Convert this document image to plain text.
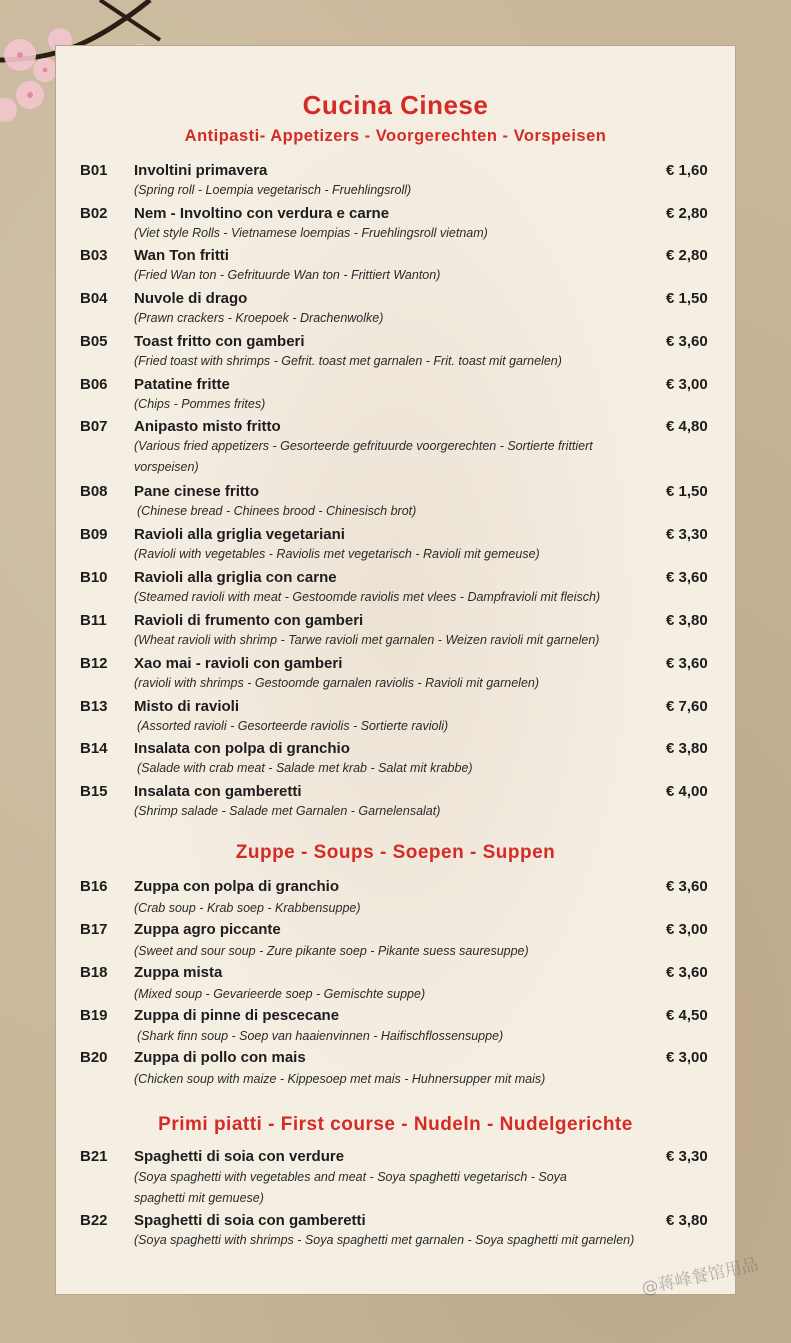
Cucina Cinese
Antipasti- Appetizers - Voorgerechten - Vorspeisen
B01 Involtini primavera
(Spring roll - Loempia vegetarisch - Fruehlingsroll)
€ 1,60
B02 Nem - Involtino con verdura e carne
(Viet style Rolls - Vietnamese loempias - Fruehlingsroll vietnam)
€ 2,80
B03 Wan Ton fritti
(Fried Wan ton - Gefrituurde Wan ton - Frittiert Wanton)
€ 2,80
B04 Nuvole di drago
(Prawn crackers - Kroepoek - Drachenwolke)
€ 1,50
B05 Toast fritto con gamberi
(Fried toast with shrimps - Gefrit. toast met garnalen - Frit. toast mit garnelen)
€ 3,60
B06 Patatine fritte
(Chips - Pommes frites)
€ 3,00
B07 Anipasto misto fritto
(Various fried appetizers - Gesorteerde gefrituurde voorgerechten - Sortierte frittiert vorspeisen)
€ 4,80
B08 Pane cinese fritto
(Chinese bread - Chinees brood - Chinesisch brot)
€ 1,50
B09 Ravioli alla griglia vegetariani
(Ravioli with vegetables - Raviolis met vegetarisch - Ravioli mit gemeuse)
€ 3,30
B10 Ravioli alla griglia con carne
(Steamed ravioli with meat - Gestoomde raviolis met vlees - Dampfravioli mit fleisch)
€ 3,60
B11 Ravioli di frumento con gamberi
(Wheat ravioli with shrimp - Tarwe ravioli met garnalen - Weizen ravioli mit garnelen)
€ 3,80
B12 Xao mai - ravioli con gamberi
(ravioli with shrimps - Gestoomde garnalen raviolis - Ravioli mit garnelen)
€ 3,60
B13 Misto di ravioli
(Assorted ravioli - Gesorteerde raviolis - Sortierte ravioli)
€ 7,60
B14 Insalata con polpa di granchio
(Salade with crab meat - Salade met krab - Salat mit krabbe)
€ 3,80
B15 Insalata con gamberetti
(Shrimp salade - Salade met Garnalen - Garnelensalat)
€ 4,00
Zuppe - Soups - Soepen - Suppen
B16 Zuppa con polpa di granchio
(Crab soup - Krab soep - Krabbensuppe)
€ 3,60
B17 Zuppa agro piccante
(Sweet and sour soup - Zure pikante soep - Pikante suess sauresuppe)
€ 3,00
B18 Zuppa mista
(Mixed soup - Gevarieerde soep - Gemischte suppe)
€ 3,60
B19 Zuppa di pinne di pescecane
(Shark finn soup - Soep van haaienvinnen - Haifischflossensuppe)
€ 4,50
B20 Zuppa di pollo con mais
(Chicken soup with maize - Kippesoep met mais - Huhnersupper mit mais)
€ 3,00
Primi piatti - First course - Nudeln - Nudelgerichte
B21 Spaghetti di soia con verdure
(Soya spaghetti with vegetables and meat - Soya spaghetti vegetarisch - Soya spaghetti mit gemuese)
€ 3,30
B22 Spaghetti di soia con gamberetti
(Soya spaghetti with shrimps - Soya spaghetti met garnalen - Soya spaghetti mit garnelen)
€ 3,80
@蒋峰餐馆用品
